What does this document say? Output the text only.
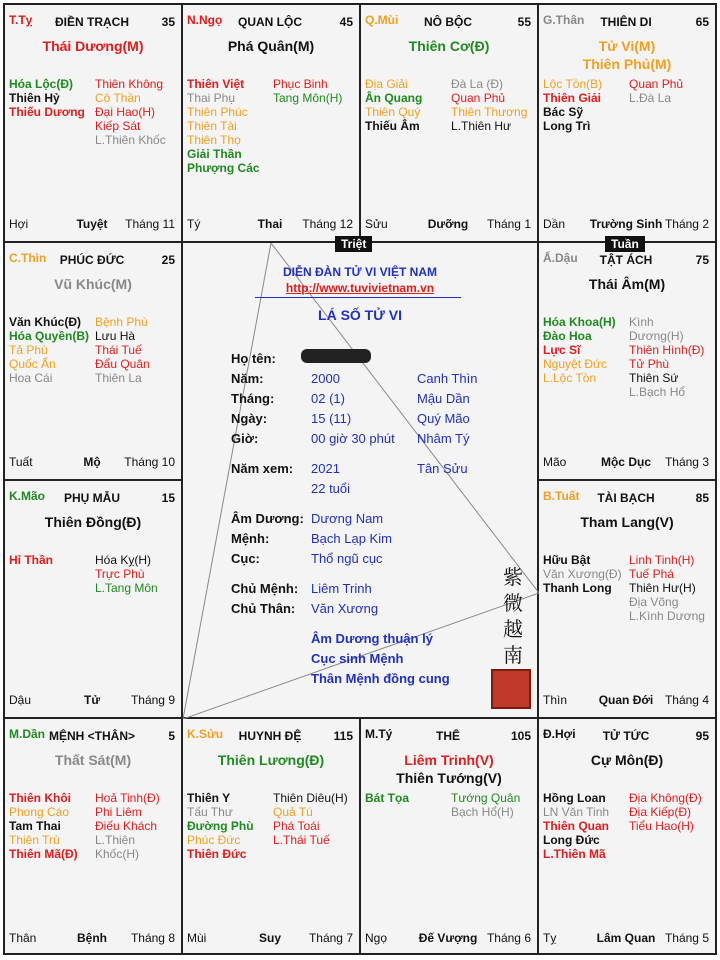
ĐIỀN TRẠCH
T.Tỵ	35
Thái Dương(M)
Hóa Lộc(Đ)
Thiên Hỷ
Thiếu Dương
Thiên Không
Cô Thần
Đại Hao(H)
Kiếp Sát
L.Thiên Khốc
Tuyệt
Hợi	Tháng 11
QUAN LỘC
N.Ngọ	45
Phá Quân(M)
Thiên Việt
Thai Phụ
Thiên Phúc
Thiên Tài
Thiên Thọ
Giải Thần
Phượng Các
Phục Binh
Tang Môn(H)
Thai
Tý	Tháng 12
NÔ BỘC
Q.Mùi	55
Thiên Cơ(Đ)
Địa Giải
Ân Quang
Thiên Quý
Thiếu Âm
Đà La (Đ)
Quan Phủ
Thiên Thương
L.Thiên Hư
Dưỡng
Sửu	Tháng 1
THIÊN DI
G.Thân	65
Tử Vi(M)
Thiên Phủ(M)
Lộc Tồn(B)
Thiên Giải
Bác Sỹ
Long Trì
Quan Phủ
L.Đà La
Trường Sinh
Dần	Tháng 2
PHÚC ĐỨC
C.Thìn	25
Vũ Khúc(M)
Văn Khúc(Đ)
Hóa Quyền(B)
Tả Phù
Quốc Ấn
Hoa Cái
Bệnh Phù
Lưu Hà
Thái Tuế
Đẩu Quân
Thiên La
Mộ
Tuất	Tháng 10
TẬT ÁCH
Ấ.Dậu	75
Thái Âm(M)
Hóa Khoa(H)
Đào Hoa
Lực Sĩ
Nguyệt Đức
L.Lộc Tồn
Kình Dương(H)
Thiên Hình(Đ)
Tử Phù
Thiên Sứ
L.Bạch Hổ
Mộc Dục
Mão	Tháng 3
PHỤ MẪU
K.Mão	15
Thiên Đồng(Đ)
Hỉ Thần	Hóa Kỵ(H)
Trực Phù
L.Tang Môn
Tử
Dậu	Tháng 9
TÀI BẠCH
B.Tuất	85
Tham Lang(V)
Hữu Bật
Văn Xương(Đ)
Thanh Long
Linh Tinh(H)
Tuế Phá
Thiên Hư(H)
Địa Võng
L.Kình Dương
Quan Đới
Thìn	Tháng 4
MỆNH <THÂN>
M.Dần	5
Thất Sát(M)
Thiên Khôi
Phong Cáo
Tam Thai
Thiên Trù
Thiên Mã(Đ)
Hoả Tinh(Đ)
Phi Liêm
Điếu Khách
L.Thiên Khốc(H)
Bệnh
Thân	Tháng 8
HUYNH ĐỆ
K.Sửu	115
Thiên Lương(Đ)
Thiên Y
Tấu Thư
Đường Phù
Phúc Đức
Thiên Đức
Thiên Diêu(H)
Quả Tú
Phá Toái
L.Thái Tuế
Suy
Mùi	Tháng 7
THÊ
M.Tý	105
Liêm Trinh(V)
Thiên Tướng(V)
Bát Tọa	Tướng Quân
Bạch Hổ(H)
Đế Vượng
Ngọ	Tháng 6
TỬ TỨC
Đ.Hợi	95
Cự Môn(Đ)
Hồng Loan
LN Văn Tinh
Thiên Quan
Long Đức
L.Thiên Mã
Địa Không(Đ)
Địa Kiếp(Đ)
Tiểu Hao(H)
Lâm Quan
Tỵ	Tháng 5
DIỄN ĐÀN TỬ VI VIỆT NAM
http://www.tuvivietnam.vn
LÁ SỐ TỬ VI
Họ tên:
Năm:	2000	Canh Thìn
Tháng:	02 (1)	Mậu Dần
Ngày:	15 (11)	Quý Mão
Giờ:	00 giờ 30 phút Nhâm Tý
Năm xem: 2021	Tân Sửu
22 tuổi
Âm Dương: Dương Nam
Mệnh:	Bạch Lạp Kim
Cục:	Thổ ngũ cục
Chủ Mệnh: Liêm Trinh
Chủ Thân: Văn Xương
Âm Dương thuận lý
Cục sinh Mệnh
Thân Mệnh đồng cung
紫
微
越
南
Triệt	Tuần
